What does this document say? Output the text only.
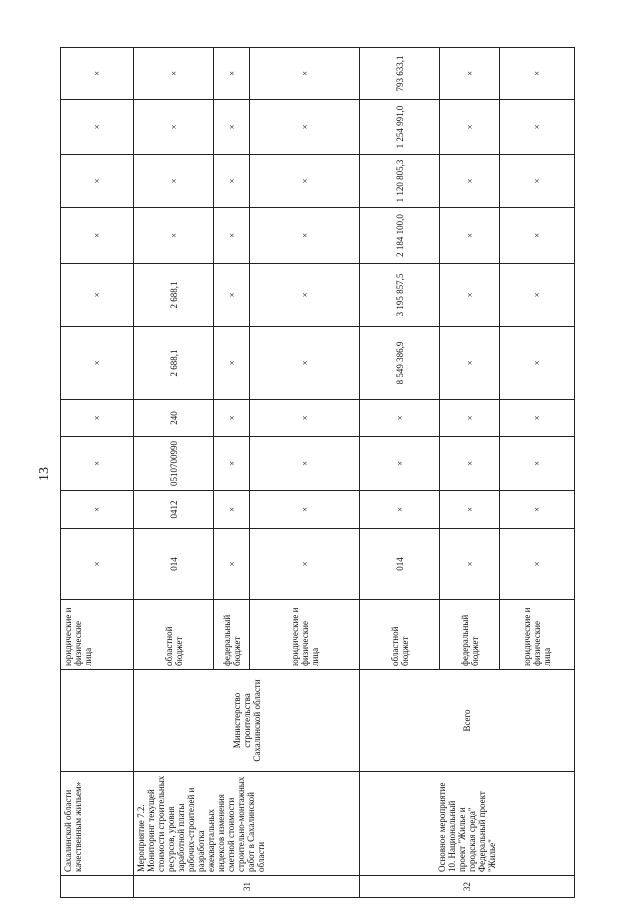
13
	Сахалинской области качественным жильем»		юридические и физические лица	×	×	×	×	×	×	×	×	×	×
31	Мероприятие 7.2. Мониторинг текущей стоимости строительных ресурсов, уровня заработной платы рабочих-строителей и разработка ежеквартальных индексов изменения сметной стоимости строительно-монтажных работ в Сахалинской области	Министерство строительства Сахалинской области	областной бюджет	014	0412	0510700990	240	2 688,1	2 688,1	×	×	×	×
			федеральный бюджет	×	×	×	×	×	×	×	×	×	×
			юридические и физические лица	×	×	×	×	×	×	×	×	×	×
32	Основное мероприятие 10. Национальный проект "Жилье и городская среда" Федеральный проект "Жилье"	Всего	областной бюджет	014	×	×	×	8 549 386,9	3 195 857,5	2 184 100,0	1 120 805,3	1 254 991,0	793 633,1
			федеральный бюджет	×	×	×	×	×	×	×	×	×	×
			юридические и физические лица	×	×	×	×	×	×	×	×	×	×
